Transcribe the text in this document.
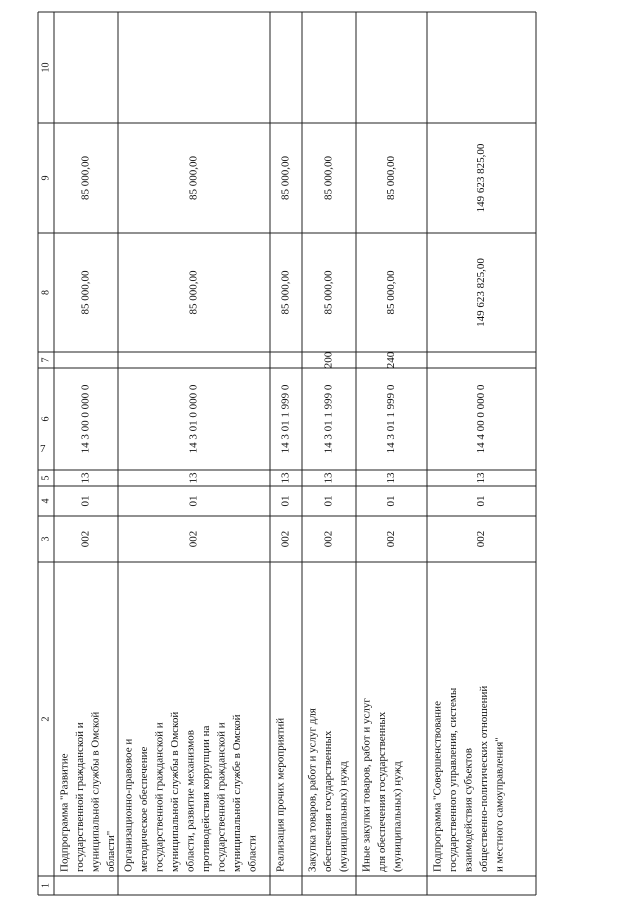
7
1
2
3
4
5
6
7
8
9
10
Подпрограмма "Развитие государственной гражданской и муниципальной службы в Омской области"
002
01
13
14 3 00 0 000 0
85 000,00
85 000,00
Организационно-правовое и методическое обеспечение государственной гражданской и муниципальной службы в Омской области, развитие механизмов противодействия коррупции на государственной гражданской и муниципальной службе в Омской области
002
01
13
14 3 01 0 000 0
85 000,00
85 000,00
Реализация прочих мероприятий
002
01
13
14 3 01 1 999 0
85 000,00
85 000,00
Закупка товаров, работ и услуг для обеспечения государственных (муниципальных) нужд
002
01
13
14 3 01 1 999 0
200
85 000,00
85 000,00
Иные закупки товаров, работ и услуг для обеспечения государственных (муниципальных) нужд
002
01
13
14 3 01 1 999 0
240
85 000,00
85 000,00
Подпрограмма "Совершенствование государственного управления, системы взаимодействия субъектов общественно-политических отношений и местного самоуправления"
002
01
13
14 4 00 0 000 0
149 623 825,00
149 623 825,00
